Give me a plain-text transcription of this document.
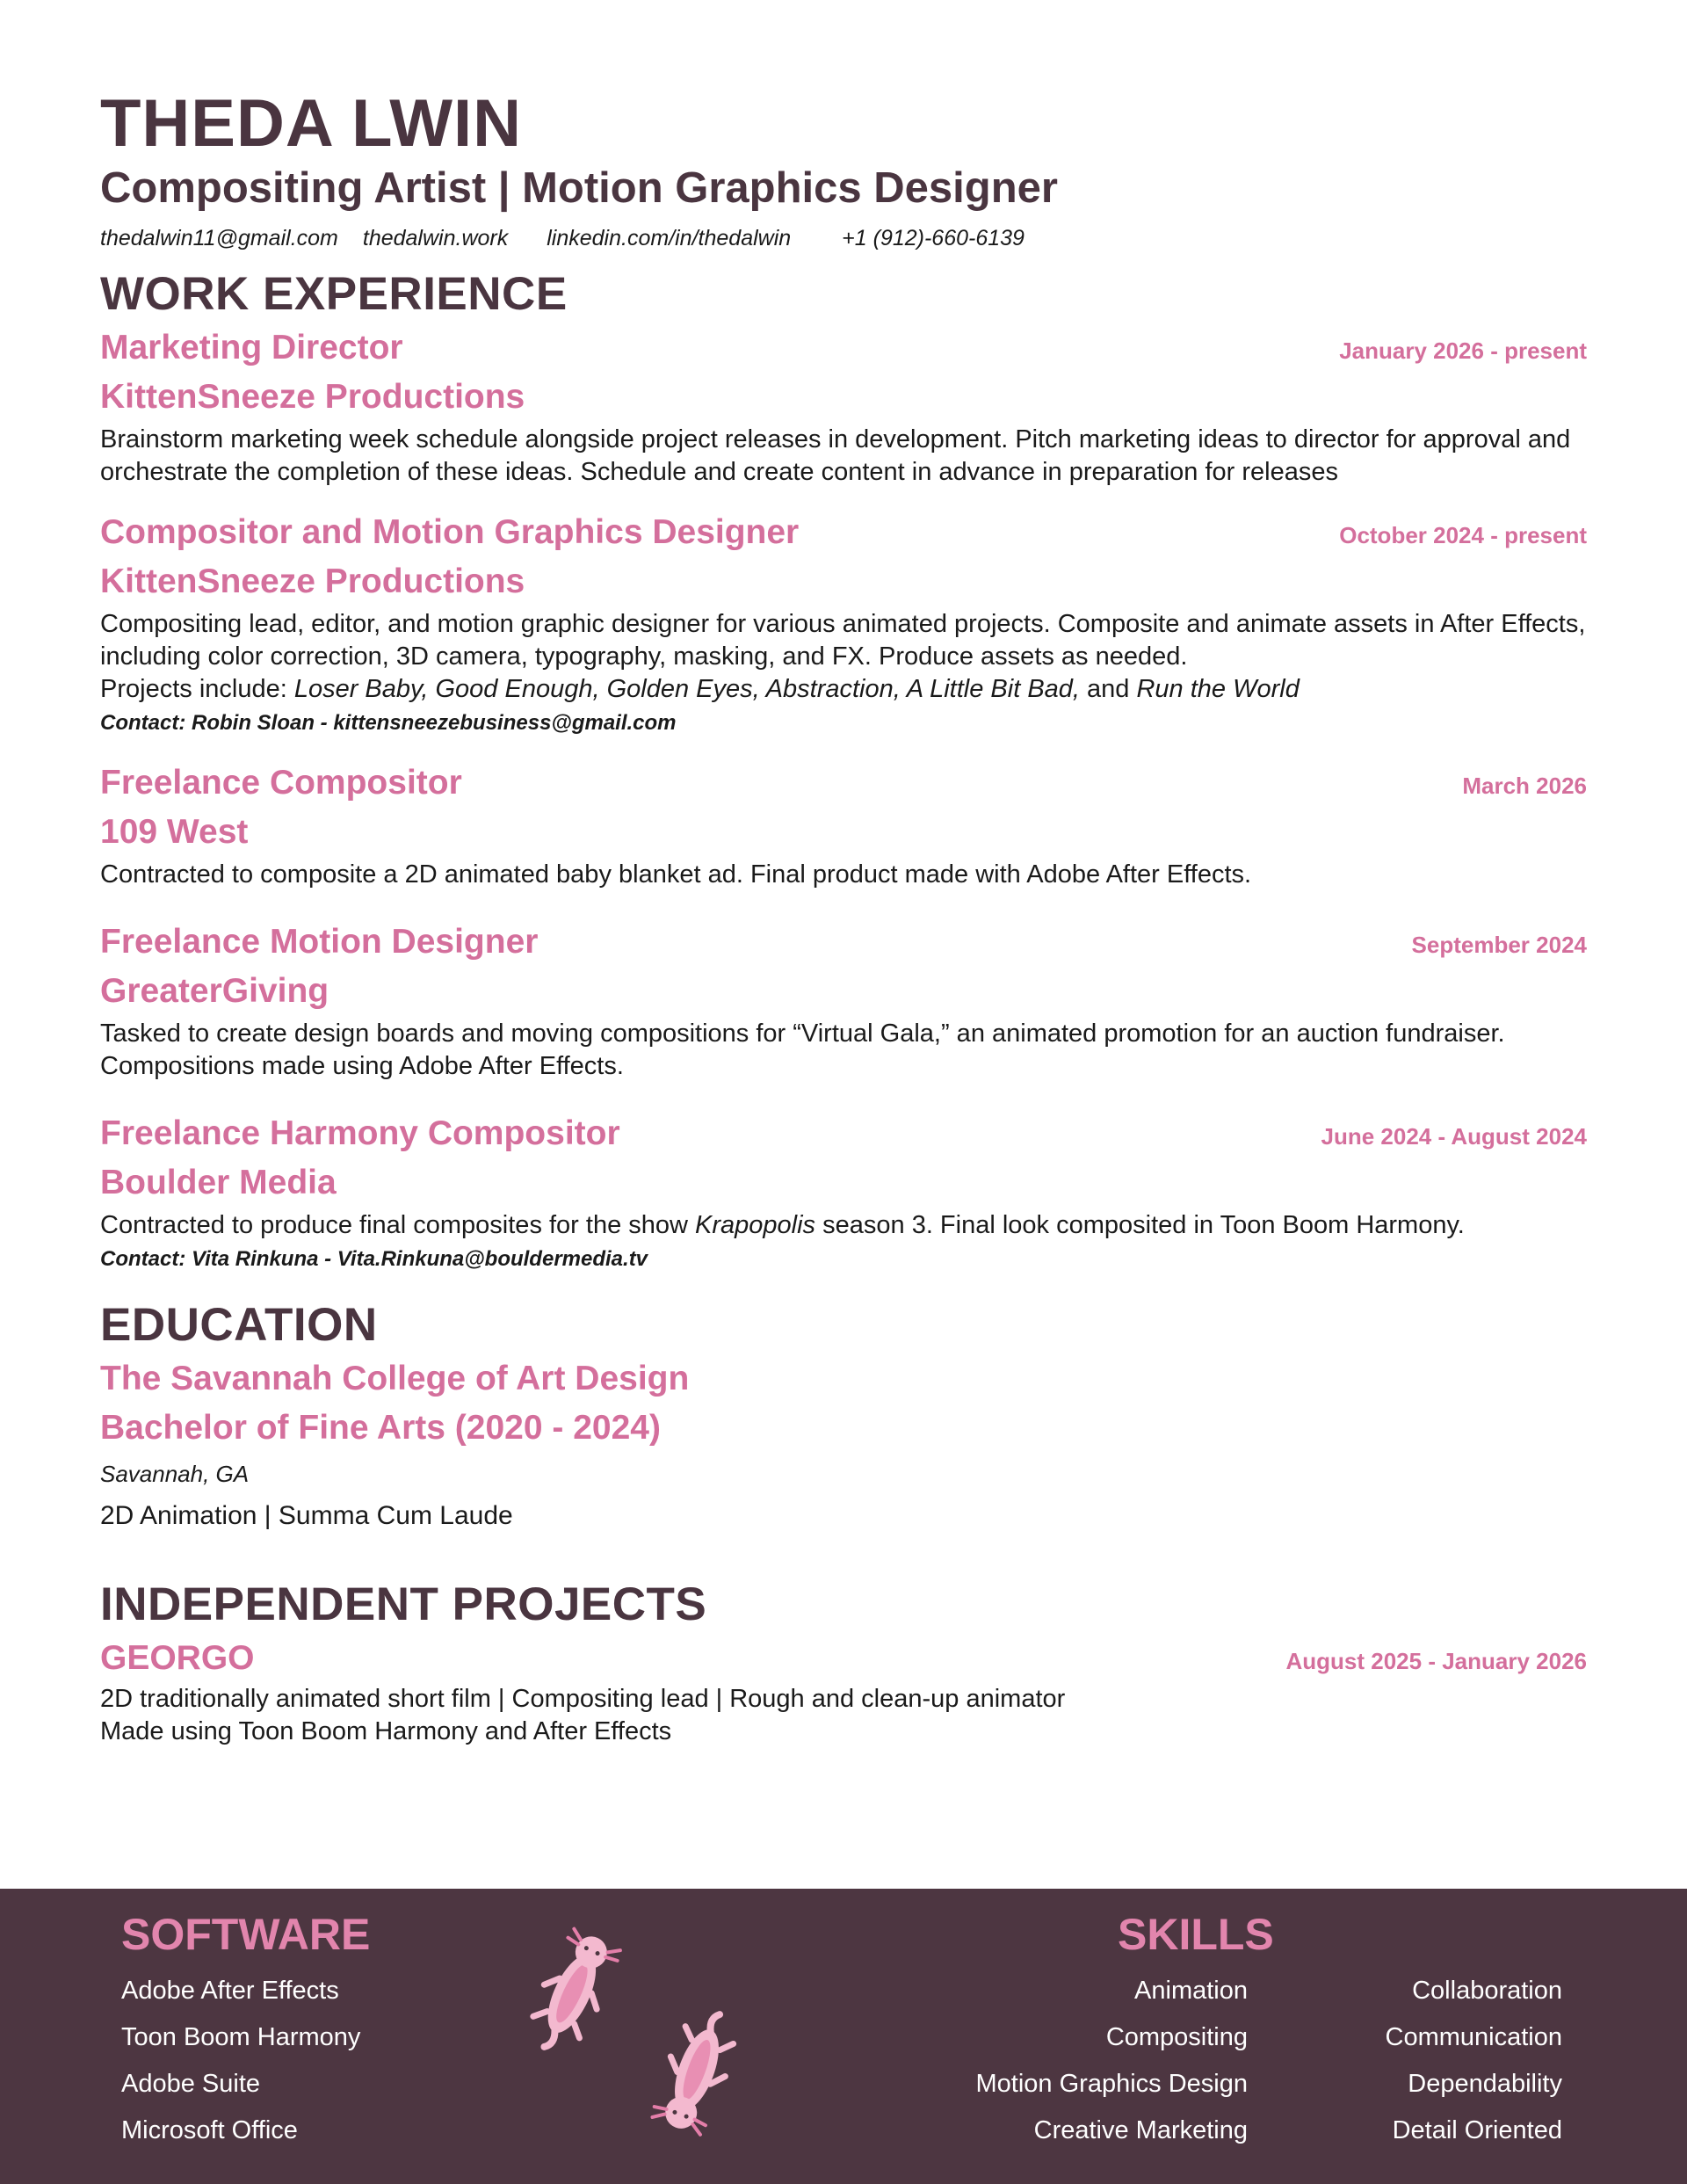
THEDA LWIN
Compositing Artist | Motion Graphics Designer
thedalwin11@gmail.com thedalwin.work linkedin.com/in/thedalwin +1 (912)-660-6139
WORK EXPERIENCE
Marketing Director	January 2026 - present
KittenSneeze Productions

Brainstorm marketing week schedule alongside project releases in development. Pitch marketing ideas to director for approval and orchestrate the completion of these ideas. Schedule and create content in advance in preparation for releases

Compositor and Motion Graphics Designer	October 2024 - present
KittenSneeze Productions

Compositing lead, editor, and motion graphic designer for various animated projects. Composite and animate assets in After Effects, including color correction, 3D camera, typography, masking, and FX. Produce assets as needed.

Projects include: Loser Baby, Good Enough, Golden Eyes, Abstraction, A Little Bit Bad, and Run the World

Contact: Robin Sloan - kittensneezebusiness@gmail.com

Freelance Compositor	March 2026
109 West

Contracted to composite a 2D animated baby blanket ad. Final product made with Adobe After Effects.

Freelance Motion Designer	September 2024
GreaterGiving

Tasked to create design boards and moving compositions for “Virtual Gala,” an animated promotion for an auction fundraiser. Compositions made using Adobe After Effects.

Freelance Harmony Compositor	June 2024 - August 2024
Boulder Media

Contracted to produce final composites for the show Krapopolis season 3. Final look composited in Toon Boom Harmony.

Contact: Vita Rinkuna - Vita.Rinkuna@bouldermedia.tv

EDUCATION
The Savannah College of Art Design
Bachelor of Fine Arts (2020 - 2024)

Savannah, GA

2D Animation | Summa Cum Laude

INDEPENDENT PROJECTS
GEORGO	August 2025 - January 2026

2D traditionally animated short film | Compositing lead | Rough and clean-up animator

Made using Toon Boom Harmony and After Effects

SOFTWARE
Adobe After Effects
Toon Boom Harmony
Adobe Suite
Microsoft Office
SKILLS
Animation
Compositing
Motion Graphics Design
Creative Marketing
Collaboration
Communication
Dependability
Detail Oriented
